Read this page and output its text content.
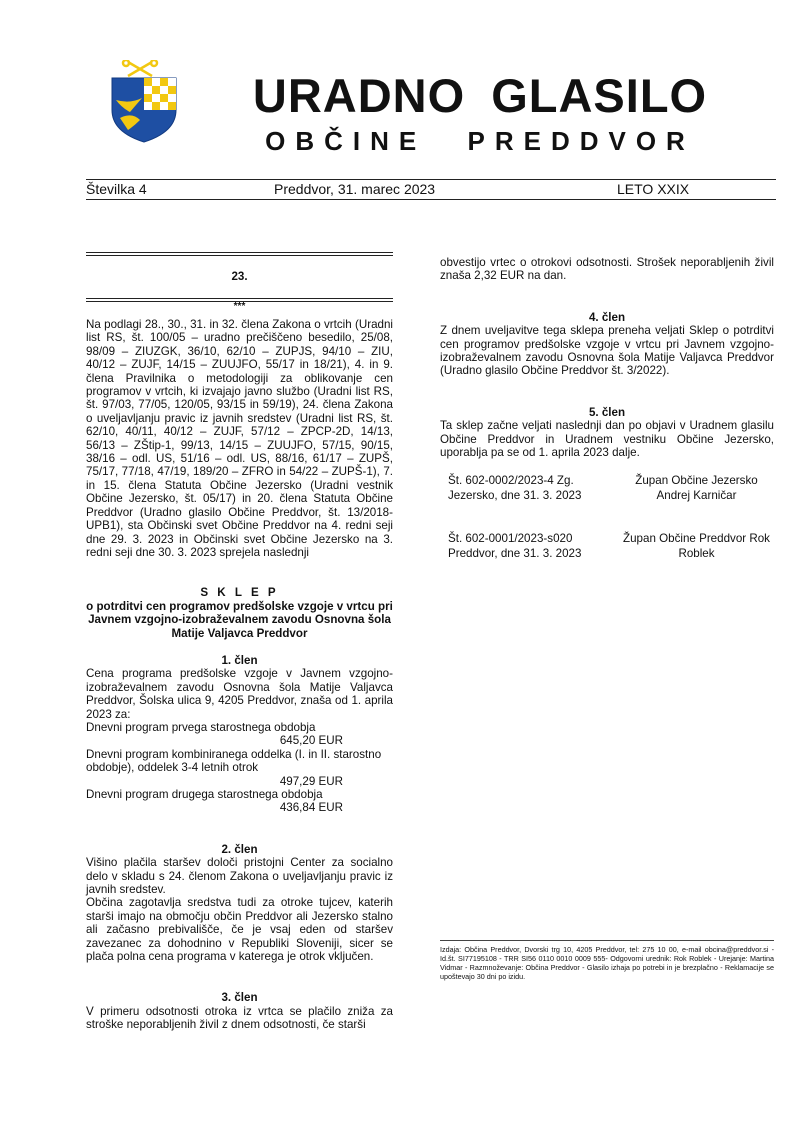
URADNO GLASILO
OBČINE PREDDVOR
Številka 4	Preddvor, 31. marec 2023	LETO XXIX
23.
***

Na podlagi 28., 30., 31. in 32. člena Zakona o vrtcih (Uradni list RS, št. 100/05 – uradno prečiščeno besedilo, 25/08, 98/09 – ZIUZGK, 36/10, 62/10 – ZUPJS, 94/10 – ZIU, 40/12 – ZUJF, 14/15 – ZUUJFO, 55/17 in 18/21), 4. in 9. člena Pravilnika o metodologiji za oblikovanje cen programov v vrtcih, ki izvajajo javno službo (Uradni list RS, št. 97/03, 77/05, 120/05, 93/15 in 59/19), 24. člena Zakona o uveljavljanju pravic iz javnih sredstev (Uradni list RS, št. 62/10, 40/11, 40/12 – ZUJF, 57/12 – ZPCP-2D, 14/13, 56/13 – ZŠtip-1, 99/13, 14/15 – ZUUJFO, 57/15, 90/15, 38/16 – odl. US, 51/16 – odl. US, 88/16, 61/17 – ZUPŠ, 75/17, 77/18, 47/19, 189/20 – ZFRO in 54/22 – ZUPŠ-1), 7. in 15. člena Statuta Občine Jezersko (Uradni vestnik Občine Jezersko, št. 05/17) in 20. člena Statuta Občine Preddvor (Uradno glasilo Občine Preddvor, št. 13/2018-UPB1), sta Občinski svet Občine Preddvor na 4. redni seji dne 29. 3. 2023 in Občinski svet Občine Jezersko na 3. redni seji dne 30. 3. 2023 sprejela naslednji

S K L E P

o potrditvi cen programov predšolske vzgoje v vrtcu pri Javnem vzgojno-izobraževalnem zavodu Osnovna šola Matije Valjavca Preddvor

1. člen

Cena programa predšolske vzgoje v Javnem vzgojno-izobraževalnem zavodu Osnovna šola Matije Valjavca Preddvor, Šolska ulica 9, 4205 Preddvor, znaša od 1. aprila 2023 za:

Dnevni program prvega starostnega obdobja

645,20 EUR

Dnevni program kombiniranega oddelka (I. in II. starostno obdobje), oddelek 3-4 letnih otrok

497,29 EUR

Dnevni program drugega starostnega obdobja

436,84 EUR

2. člen

Višino plačila staršev določi pristojni Center za socialno delo v skladu s 24. členom Zakona o uveljavljanju pravic iz javnih sredstev.

Občina zagotavlja sredstva tudi za otroke tujcev, katerih starši imajo na območju občin Preddvor ali Jezersko stalno ali začasno prebivališče, če je vsaj eden od staršev zavezanec za dohodnino v Republiki Sloveniji, sicer se plača polna cena programa v katerega je otrok vključen.

3. člen

V primeru odsotnosti otroka iz vrtca se plačilo zniža za stroške neporabljenih živil z dnem odsotnosti, če starši

obvestijo vrtec o otrokovi odsotnosti. Strošek neporabljenih živil znaša 2,32 EUR na dan.

4. člen

Z dnem uveljavitve tega sklepa preneha veljati Sklep o potrditvi cen programov predšolske vzgoje v vrtcu pri Javnem vzgojno-izobraževalnem zavodu Osnovna šola Matije Valjavca Preddvor (Uradno glasilo Občine Preddvor št. 3/2022).

5. člen

Ta sklep začne veljati naslednji dan po objavi v Uradnem glasilu Občine Preddvor in Uradnem vestniku Občine Jezersko, uporablja pa se od 1. aprila 2023 dalje.

Št. 602-0002/2023-4 Zg. Jezersko, dne 31. 3. 2023
Župan Občine Jezersko Andrej Karničar
Št. 602-0001/2023-s020 Preddvor, dne 31. 3. 2023
Župan Občine Preddvor Rok Roblek
Izdaja: Občina Preddvor, Dvorski trg 10, 4205 Preddvor, tel: 275 10 00, e-mail obcina@preddvor.si - Id.št. SI77195108 - TRR SI56 0110 0010 0009 555- Odgovorni urednik: Rok Roblek - Urejanje: Martina Vidmar - Razmnoževanje: Občina Preddvor - Glasilo izhaja po potrebi in je brezplačno - Reklamacije se upoštevajo 30 dni po izidu.
